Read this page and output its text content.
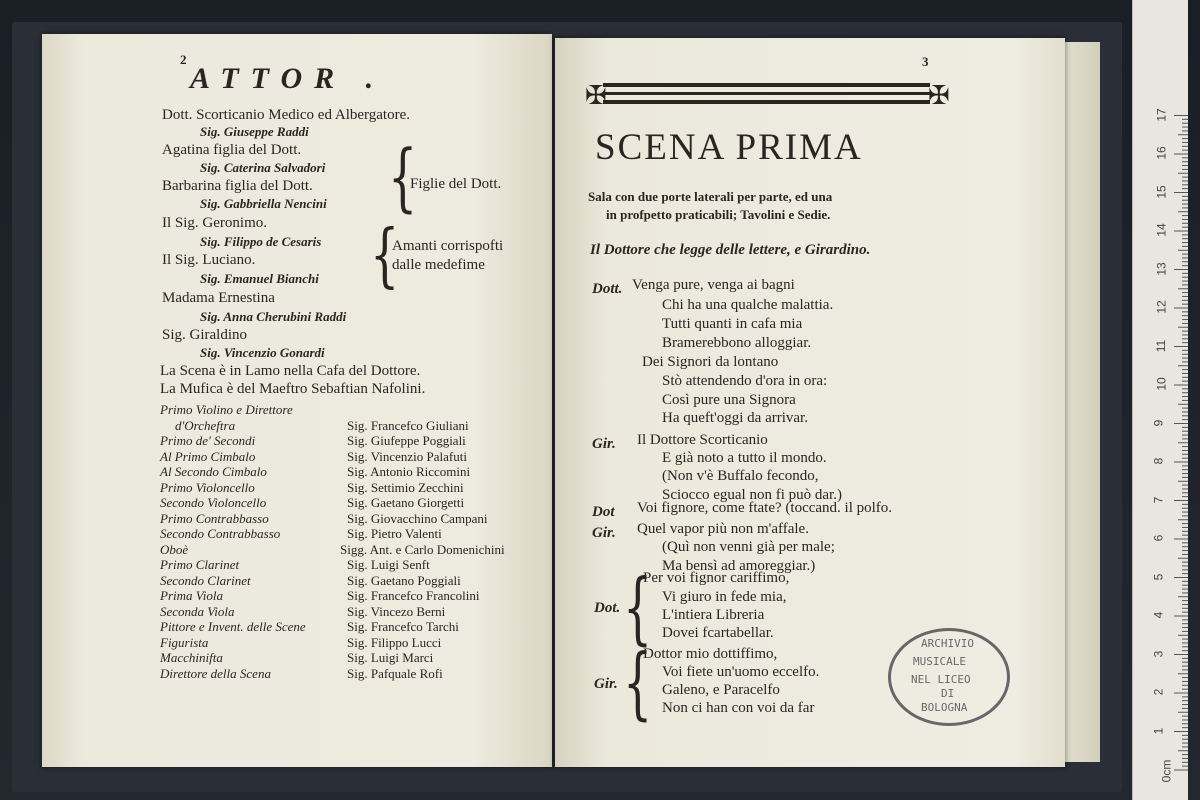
2
ATTOR .
Dott. Scorticanio Medico ed Albergatore.
Sig. Giuseppe Raddi
Agatina figlia del Dott.
Sig. Caterina Salvadori
Barbarina figlia del Dott.
Sig. Gabbriella Nencini {
Figlie del Dott.
Il Sig. Geronimo.
Sig. Filippo de Cesaris
Il Sig. Luciano.
Sig. Emanuel Bianchi {
Amanti corrispofti
dalle medefime
Madama Ernestina
Sig. Anna Cherubini Raddi
Sig. Giraldino
Sig. Vincenzio Gonardi
La Scena è in Lamo nella Cafa del Dottore.
La Mufica è del Maeftro Sebaftian Nafolini.
Primo Violino e Direttore
d'Orcheftra	Sig. Francefco Giuliani
Primo de' Secondi	Sig. Giufeppe Poggiali
Al Primo Cimbalo	Sig. Vincenzio Palafuti
Al Secondo Cimbalo	Sig. Antonio Riccomini
Primo Violoncello	Sig. Settimio Zecchini
Secondo Violoncello	Sig. Gaetano Giorgetti
Primo Contrabbasso	Sig. Giovacchino Campani
Secondo Contrabbasso	Sig. Pietro Valenti
Oboè	Sigg. Ant. e Carlo Domenichini
Primo Clarinet	Sig. Luigi Senft
Secondo Clarinet	Sig. Gaetano Poggiali
Prima Viola	Sig. Francefco Francolini
Seconda Viola	Sig. Vincezo Berni
Pittore e Invent. delle Scene	Sig. Francefco Tarchi
Figurista	Sig. Filippo Lucci
Macchinifta	Sig. Luigi Marci
Direttore della Scena	Sig. Pafquale Rofi
3
✠	✠
SCENA PRIMA
Sala con due porte laterali per parte, ed una
in profpetto praticabili; Tavolini e Sedie.
Il Dottore che legge delle lettere, e Girardino.
Dott. Venga pure, venga ai bagni
Chi ha una qualche malattia.
Tutti quanti in cafa mia
Bramerebbono alloggiar.
Dei Signori da lontano
Stò attendendo d'ora in ora:
Così pure una Signora
Ha queft'oggi da arrivar.
Gir. Il Dottore Scorticanio
E già noto a tutto il mondo.
(Non v'è Buffalo fecondo,
Sciocco egual non fi può dar.)
Dot Voi fignore, come ftate? (toccand. il polfo.
Gir. Quel vapor più non m'affale.
(Quì non venni già per male;
Ma bensì ad amoreggiar.)
Dot. {
Per voi fignor cariffimo,
Vi giuro in fede mia,
L'intiera Libreria
Dovei fcartabellar.
Gir. {
Dottor mio dottiffimo,
Voi fiete un'uomo eccelfo.
Galeno, e Paracelfo
Non ci han con voi da far
ARCHIVIO
MUSICALE
NEL LICEO
DI
BOLOGNA
1
2
3
4
5
6
7
8
9
10
11
12
13
14
15
16
17
0cm
